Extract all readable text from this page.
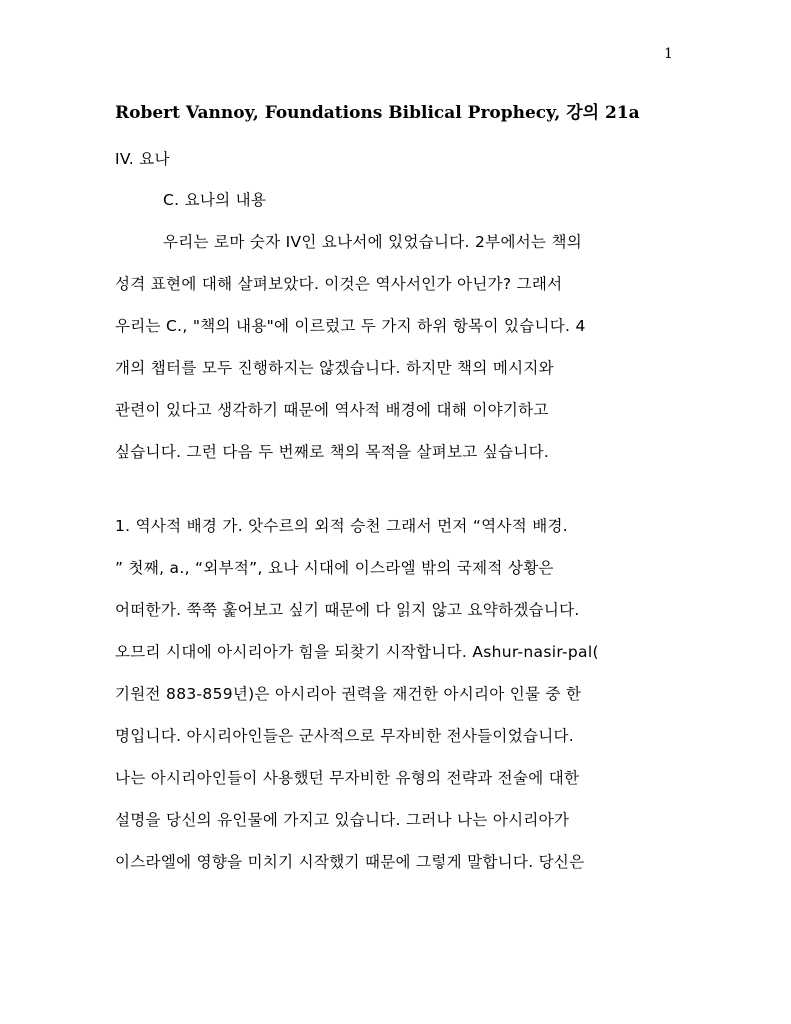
1
Robert Vannoy, Foundations Biblical Prophecy, 강의 21a
IV. 요나
C. 요나의 내용
우리는 로마 숫자 IV인 요나서에 있었습니다. 2부에서는 책의
성격 표현에 대해 살펴보았다. 이것은 역사서인가 아닌가? 그래서
우리는 C., "책의 내용"에 이르렀고 두 가지 하위 항목이 있습니다. 4
개의 챕터를 모두 진행하지는 않겠습니다. 하지만 책의 메시지와
관련이 있다고 생각하기 때문에 역사적 배경에 대해 이야기하고
싶습니다. 그런 다음 두 번째로 책의 목적을 살펴보고 싶습니다.
1. 역사적 배경 가. 앗수르의 외적 승천 그래서 먼저 “역사적 배경.
” 첫째, a., “외부적”, 요나 시대에 이스라엘 밖의 국제적 상황은
어떠한가. 쭉쭉 훑어보고 싶기 때문에 다 읽지 않고 요약하겠습니다.
오므리 시대에 아시리아가 힘을 되찾기 시작합니다. Ashur-nasir-pal(
기원전 883-859년)은 아시리아 권력을 재건한 아시리아 인물 중 한
명입니다. 아시리아인들은 군사적으로 무자비한 전사들이었습니다.
나는 아시리아인들이 사용했던 무자비한 유형의 전략과 전술에 대한
설명을 당신의 유인물에 가지고 있습니다. 그러나 나는 아시리아가
이스라엘에 영향을 미치기 시작했기 때문에 그렇게 말합니다. 당신은
